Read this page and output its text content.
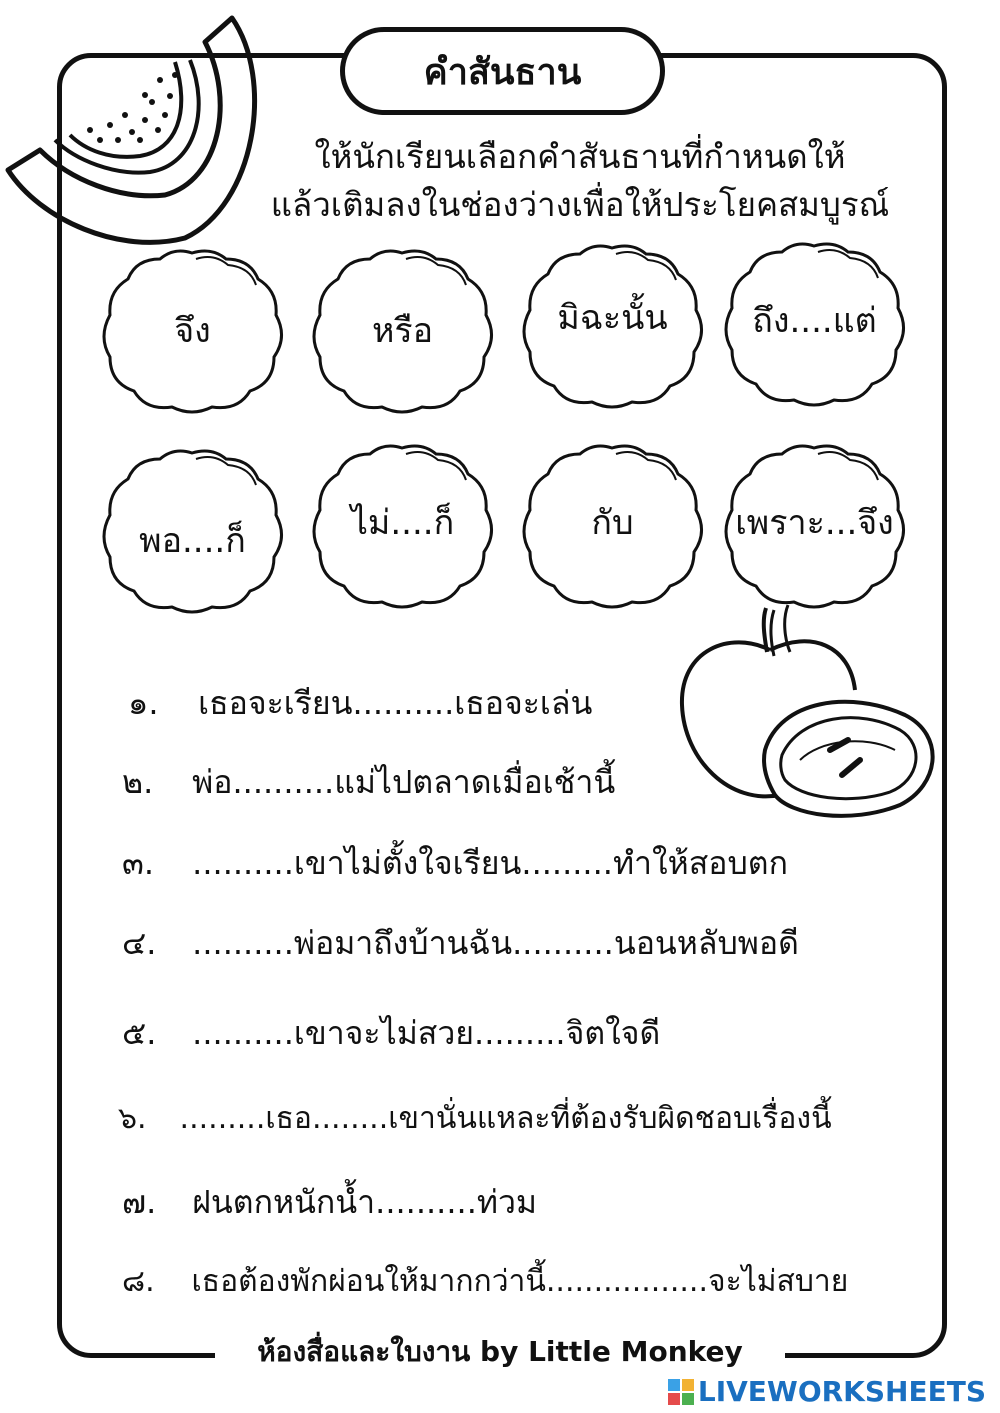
คำสันธาน
ให้นักเรียนเลือกคำสันธานที่กำหนดให้
แล้วเติมลงในช่องว่างเพื่อให้ประโยคสมบูรณ์
จึง	หรือ	มิฉะนั้น	ถึง....แต่
พอ....ก็	ไม่....ก็	กับ	เพราะ...จึง
๑. เธอจะเรียน..........เธอจะเล่น
๒. พ่อ..........แม่ไปตลาดเมื่อเช้านี้
๓. ..........เขาไม่ตั้งใจเรียน.........ทำให้สอบตก
๔. ..........พ่อมาถึงบ้านฉัน..........นอนหลับพอดี
๕. ..........เขาจะไม่สวย.........จิตใจดี
๖. .........เธอ........เขานั่นแหละที่ต้องรับผิดชอบเรื่องนี้
๗. ฝนตกหนักน้ำ..........ท่วม
๘. เธอต้องพักผ่อนให้มากกว่านี้.................จะไม่สบาย
ห้องสื่อและใบงาน by Little Monkey
LIVEWORKSHEETS
